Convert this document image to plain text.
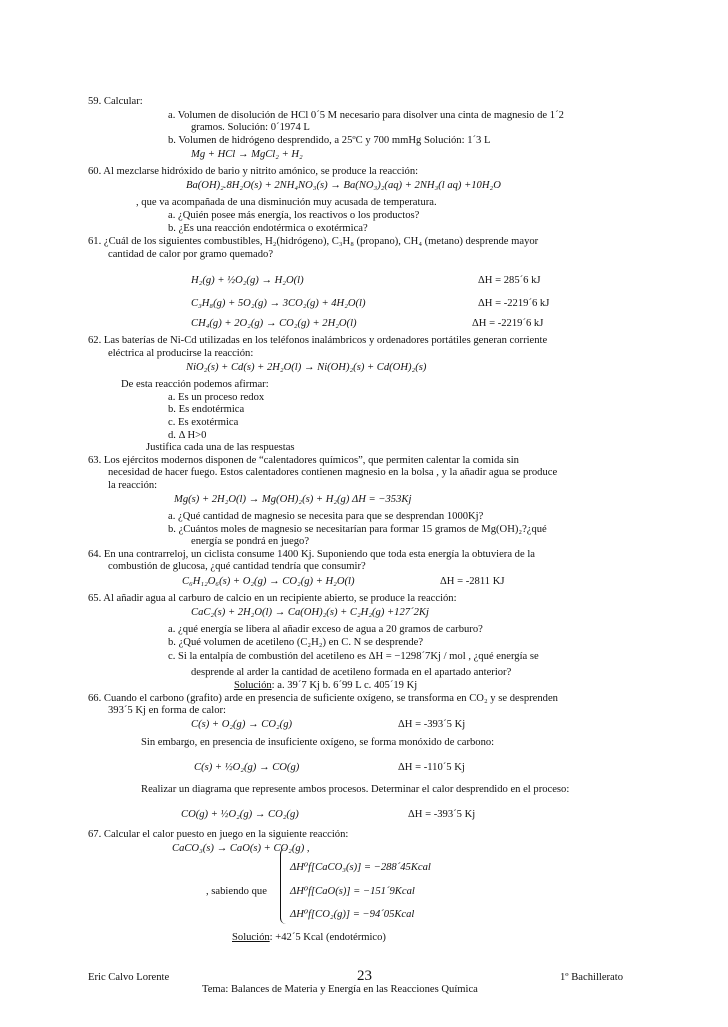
59. Calcular:
a. Volumen de disolución de HCl 0´5 M necesario para disolver una cinta de magnesio de 1´2
gramos. Solución: 0´1974 L
b. Volumen de hidrógeno desprendido, a 25ºC y 700 mmHg Solución: 1´3 L
Mg + HCl → MgCl₂ + H₂
60. Al mezclarse hidróxido de bario y nitrito amónico, se produce la reacción:
Ba(OH)₂.8H₂O(s) + 2NH₄NO₃(s) → Ba(NO₃)₂(aq) + 2NH₃(l aq) +10H₂O
, que va acompañada de una disminución muy acusada de temperatura.
a. ¿Quién posee más energía, los reactivos o los productos?
b. ¿Es una reacción endotérmica o exotérmica?
61. ¿Cuál de los siguientes combustibles, H₂(hidrógeno), C₃H₈ (propano), CH₄ (metano) desprende mayor
cantidad de calor por gramo quemado?
H₂(g) + ½O₂(g) → H₂O(l)	ΔH = 285´6 kJ
C₃H₈(g) + 5O₂(g) → 3CO₂(g) + 4H₂O(l)	ΔH = -2219´6 kJ
CH₄(g) + 2O₂(g) → CO₂(g) + 2H₂O(l)	ΔH = -2219´6 kJ
62. Las baterías de Ni-Cd utilizadas en los teléfonos inalámbricos y ordenadores portátiles generan corriente
eléctrica al producirse la reacción:
NiO₂(s) + Cd(s) + 2H₂O(l) → Ni(OH)₂(s) + Cd(OH)₂(s)
De esta reacción podemos afirmar:
a. Es un proceso redox
b. Es endotérmica
c. Es exotérmica
d. Δ H>0
Justifica cada una de las respuestas
63. Los ejércitos modernos disponen de “calentadores químicos”, que permiten calentar la comida sin
necesidad de hacer fuego. Estos calentadores contienen magnesio en la bolsa , y la añadir agua se produce
la reacción:
Mg(s) + 2H₂O(l) → Mg(OH)₂(s) + H₂(g) ΔH = −353Kj
a. ¿Qué cantidad de magnesio se necesita para que se desprendan 1000Kj?
b. ¿Cuántos moles de magnesio se necesitarían para formar 15 gramos de Mg(OH)₂?¿qué
energía se pondrá en juego?
64. En una contrarreloj, un ciclista consume 1400 Kj. Suponiendo que toda esta energía la obtuviera de la
combustión de glucosa, ¿qué cantidad tendría que consumir?
C₆H₁₂O₆(s) + O₂(g) → CO₂(g) + H₂O(l)	ΔH = -2811 KJ
65. Al añadir agua al carburo de calcio en un recipiente abierto, se produce la reacción:
CaC₂(s) + 2H₂O(l) → Ca(OH)₂(s) + C₂H₂(g) +127´2Kj
a. ¿qué energía se libera al añadir exceso de agua a 20 gramos de carburo?
b. ¿Qué volumen de acetileno (C₂H₂) en C. N se desprende?
c. Si la entalpía de combustión del acetileno es ΔH = −1298´7Kj / mol , ¿qué energía se
desprende al arder la cantidad de acetileno formada en el apartado anterior?
Solución: a. 39´7 Kj b. 6´99 L c. 405´19 Kj
66. Cuando el carbono (grafito) arde en presencia de suficiente oxígeno, se transforma en CO₂ y se desprenden
393´5 Kj en forma de calor:
C(s) + O₂(g) → CO₂(g)	ΔH = -393´5 Kj
Sin embargo, en presencia de insuficiente oxígeno, se forma monóxido de carbono:
C(s) + ½O₂(g) → CO(g)	ΔH = -110´5 Kj
Realizar un diagrama que represente ambos procesos. Determinar el calor desprendido en el proceso:
CO(g) + ½O₂(g) → CO₂(g)	ΔH = -393´5 Kj
67. Calcular el calor puesto en juego en la siguiente reacción:
CaCO₃(s) → CaO(s) + CO₂(g) ,
ΔH⁰f[CaCO₃(s)] = −288´45Kcal
, sabiendo que ΔH⁰f[CaO(s)] = −151´9Kcal
ΔH⁰f[CO₂(g)] = −94´05Kcal
Solución: +42´5 Kcal (endotérmico)
Eric Calvo Lorente	23	1º Bachillerato
Tema: Balances de Materia y Energía en las Reacciones Química
